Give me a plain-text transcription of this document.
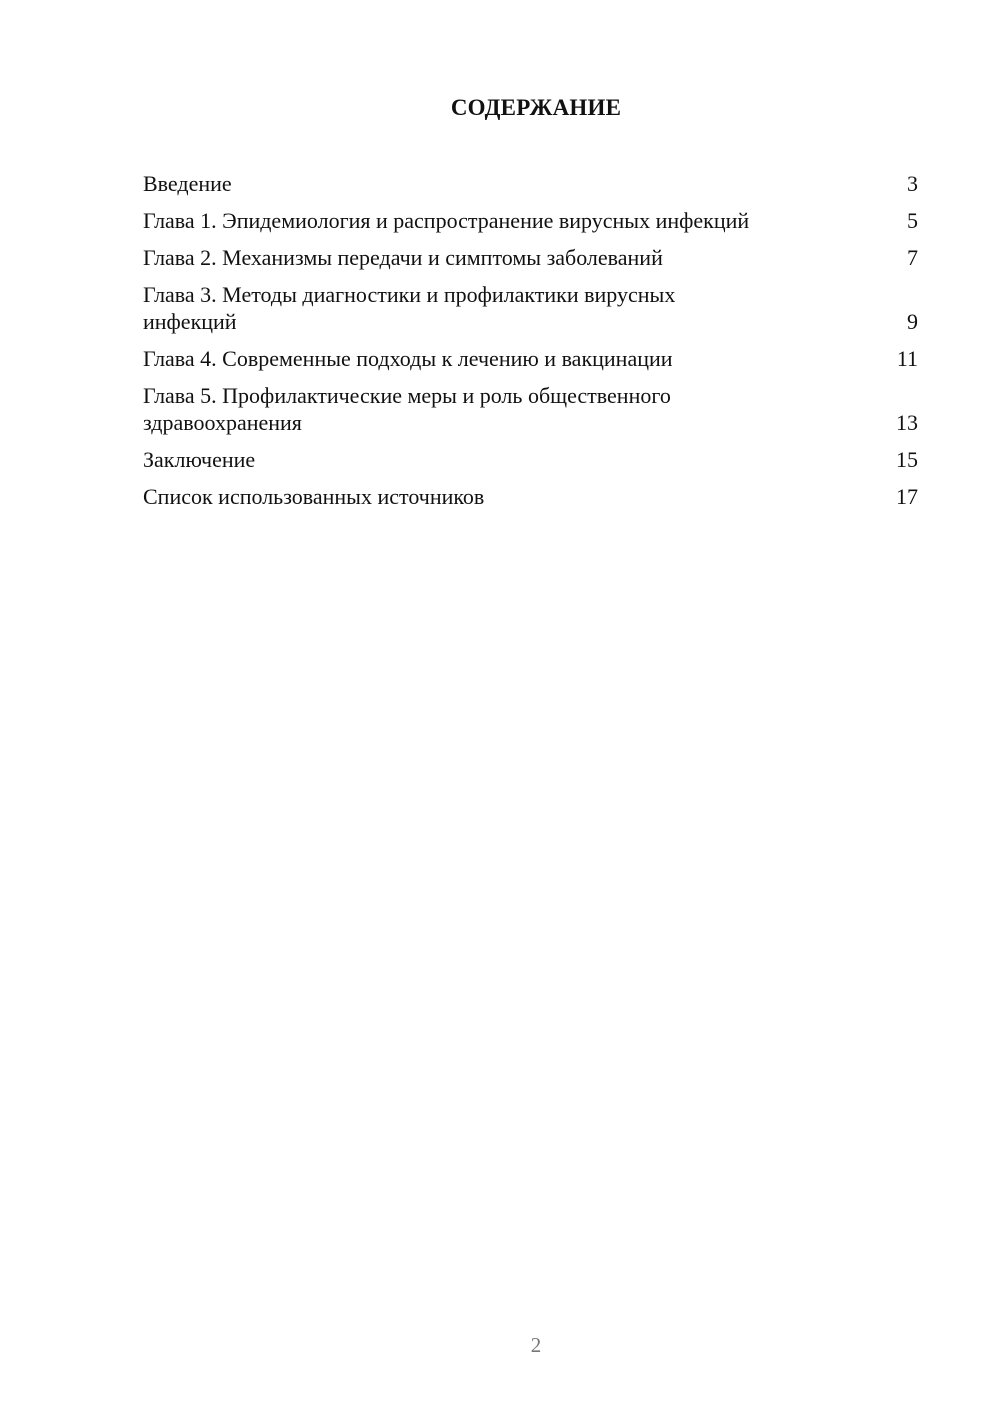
СОДЕРЖАНИЕ
Введение	3
Глава 1. Эпидемиология и распространение вирусных инфекций	5
Глава 2. Механизмы передачи и симптомы заболеваний	7
Глава 3. Методы диагностики и профилактики вирусных инфекций	9
Глава 4. Современные подходы к лечению и вакцинации	11
Глава 5. Профилактические меры и роль общественного здравоохранения	13
Заключение	15
Список использованных источников	17
2
